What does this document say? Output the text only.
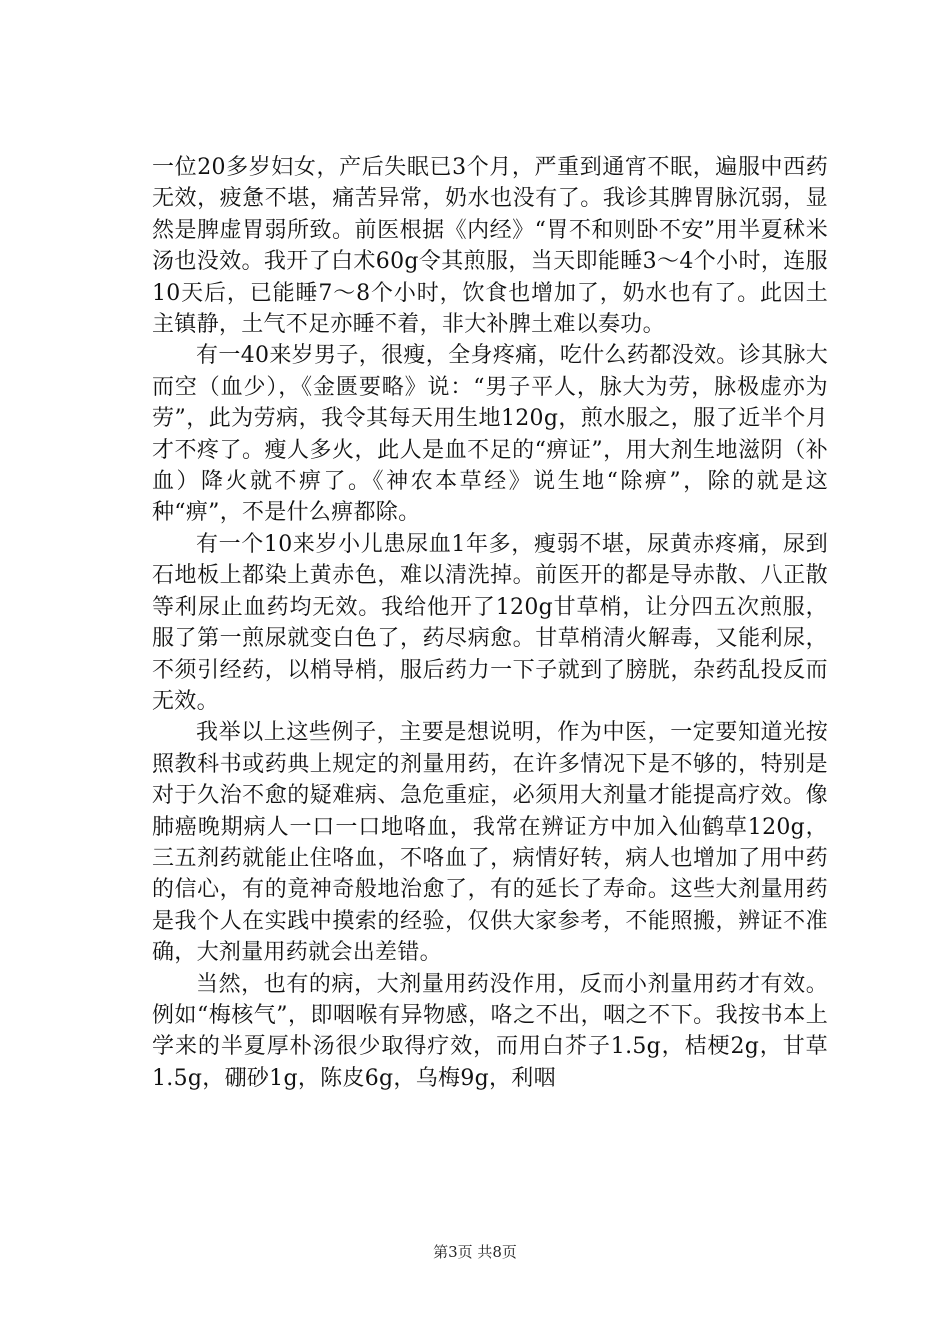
一位20多岁妇女，产后失眠已3个月，严重到通宵不眠，遍服中西药无效，疲惫不堪，痛苦异常，奶水也没有了。我诊其脾胃脉沉弱，显然是脾虚胃弱所致。前医根据《内经》“胃不和则卧不安”用半夏秫米汤也没效。我开了白术60g令其煎服，当天即能睡3～4个小时，连服10天后，已能睡7～8个小时，饮食也增加了，奶水也有了。此因土主镇静，土气不足亦睡不着，非大补脾土难以奏功。

有一40来岁男子，很瘦，全身疼痛，吃什么药都没效。诊其脉大而空（血少），《金匮要略》说：“男子平人，脉大为劳，脉极虚亦为劳”，此为劳病，我令其每天用生地120g，煎水服之，服了近半个月才不疼了。瘦人多火，此人是血不足的“痹证”，用大剂生地滋阴（补血）降火就不痹了。《神农本草经》说生地“除痹”，除的就是这种“痹”，不是什么痹都除。

有一个10来岁小儿患尿血1年多，瘦弱不堪，尿黄赤疼痛，尿到石地板上都染上黄赤色，难以清洗掉。前医开的都是导赤散、八正散等利尿止血药均无效。我给他开了120g甘草梢，让分四五次煎服，服了第一煎尿就变白色了，药尽病愈。甘草梢清火解毒，又能利尿，不须引经药，以梢导梢，服后药力一下子就到了膀胱，杂药乱投反而无效。

我举以上这些例子，主要是想说明，作为中医，一定要知道光按照教科书或药典上规定的剂量用药，在许多情况下是不够的，特别是对于久治不愈的疑难病、急危重症，必须用大剂量才能提高疗效。像肺癌晚期病人一口一口地咯血，我常在辨证方中加入仙鹤草120g，三五剂药就能止住咯血，不咯血了，病情好转，病人也增加了用中药的信心，有的竟神奇般地治愈了，有的延长了寿命。这些大剂量用药是我个人在实践中摸索的经验，仅供大家参考，不能照搬，辨证不准确，大剂量用药就会出差错。

当然，也有的病，大剂量用药没作用，反而小剂量用药才有效。例如“梅核气”，即咽喉有异物感，咯之不出，咽之不下。我按书本上学来的半夏厚朴汤很少取得疗效，而用白芥子1.5g，桔梗2g，甘草1.5g，硼砂1g，陈皮6g，乌梅9g，利咽

第3页 共8页
